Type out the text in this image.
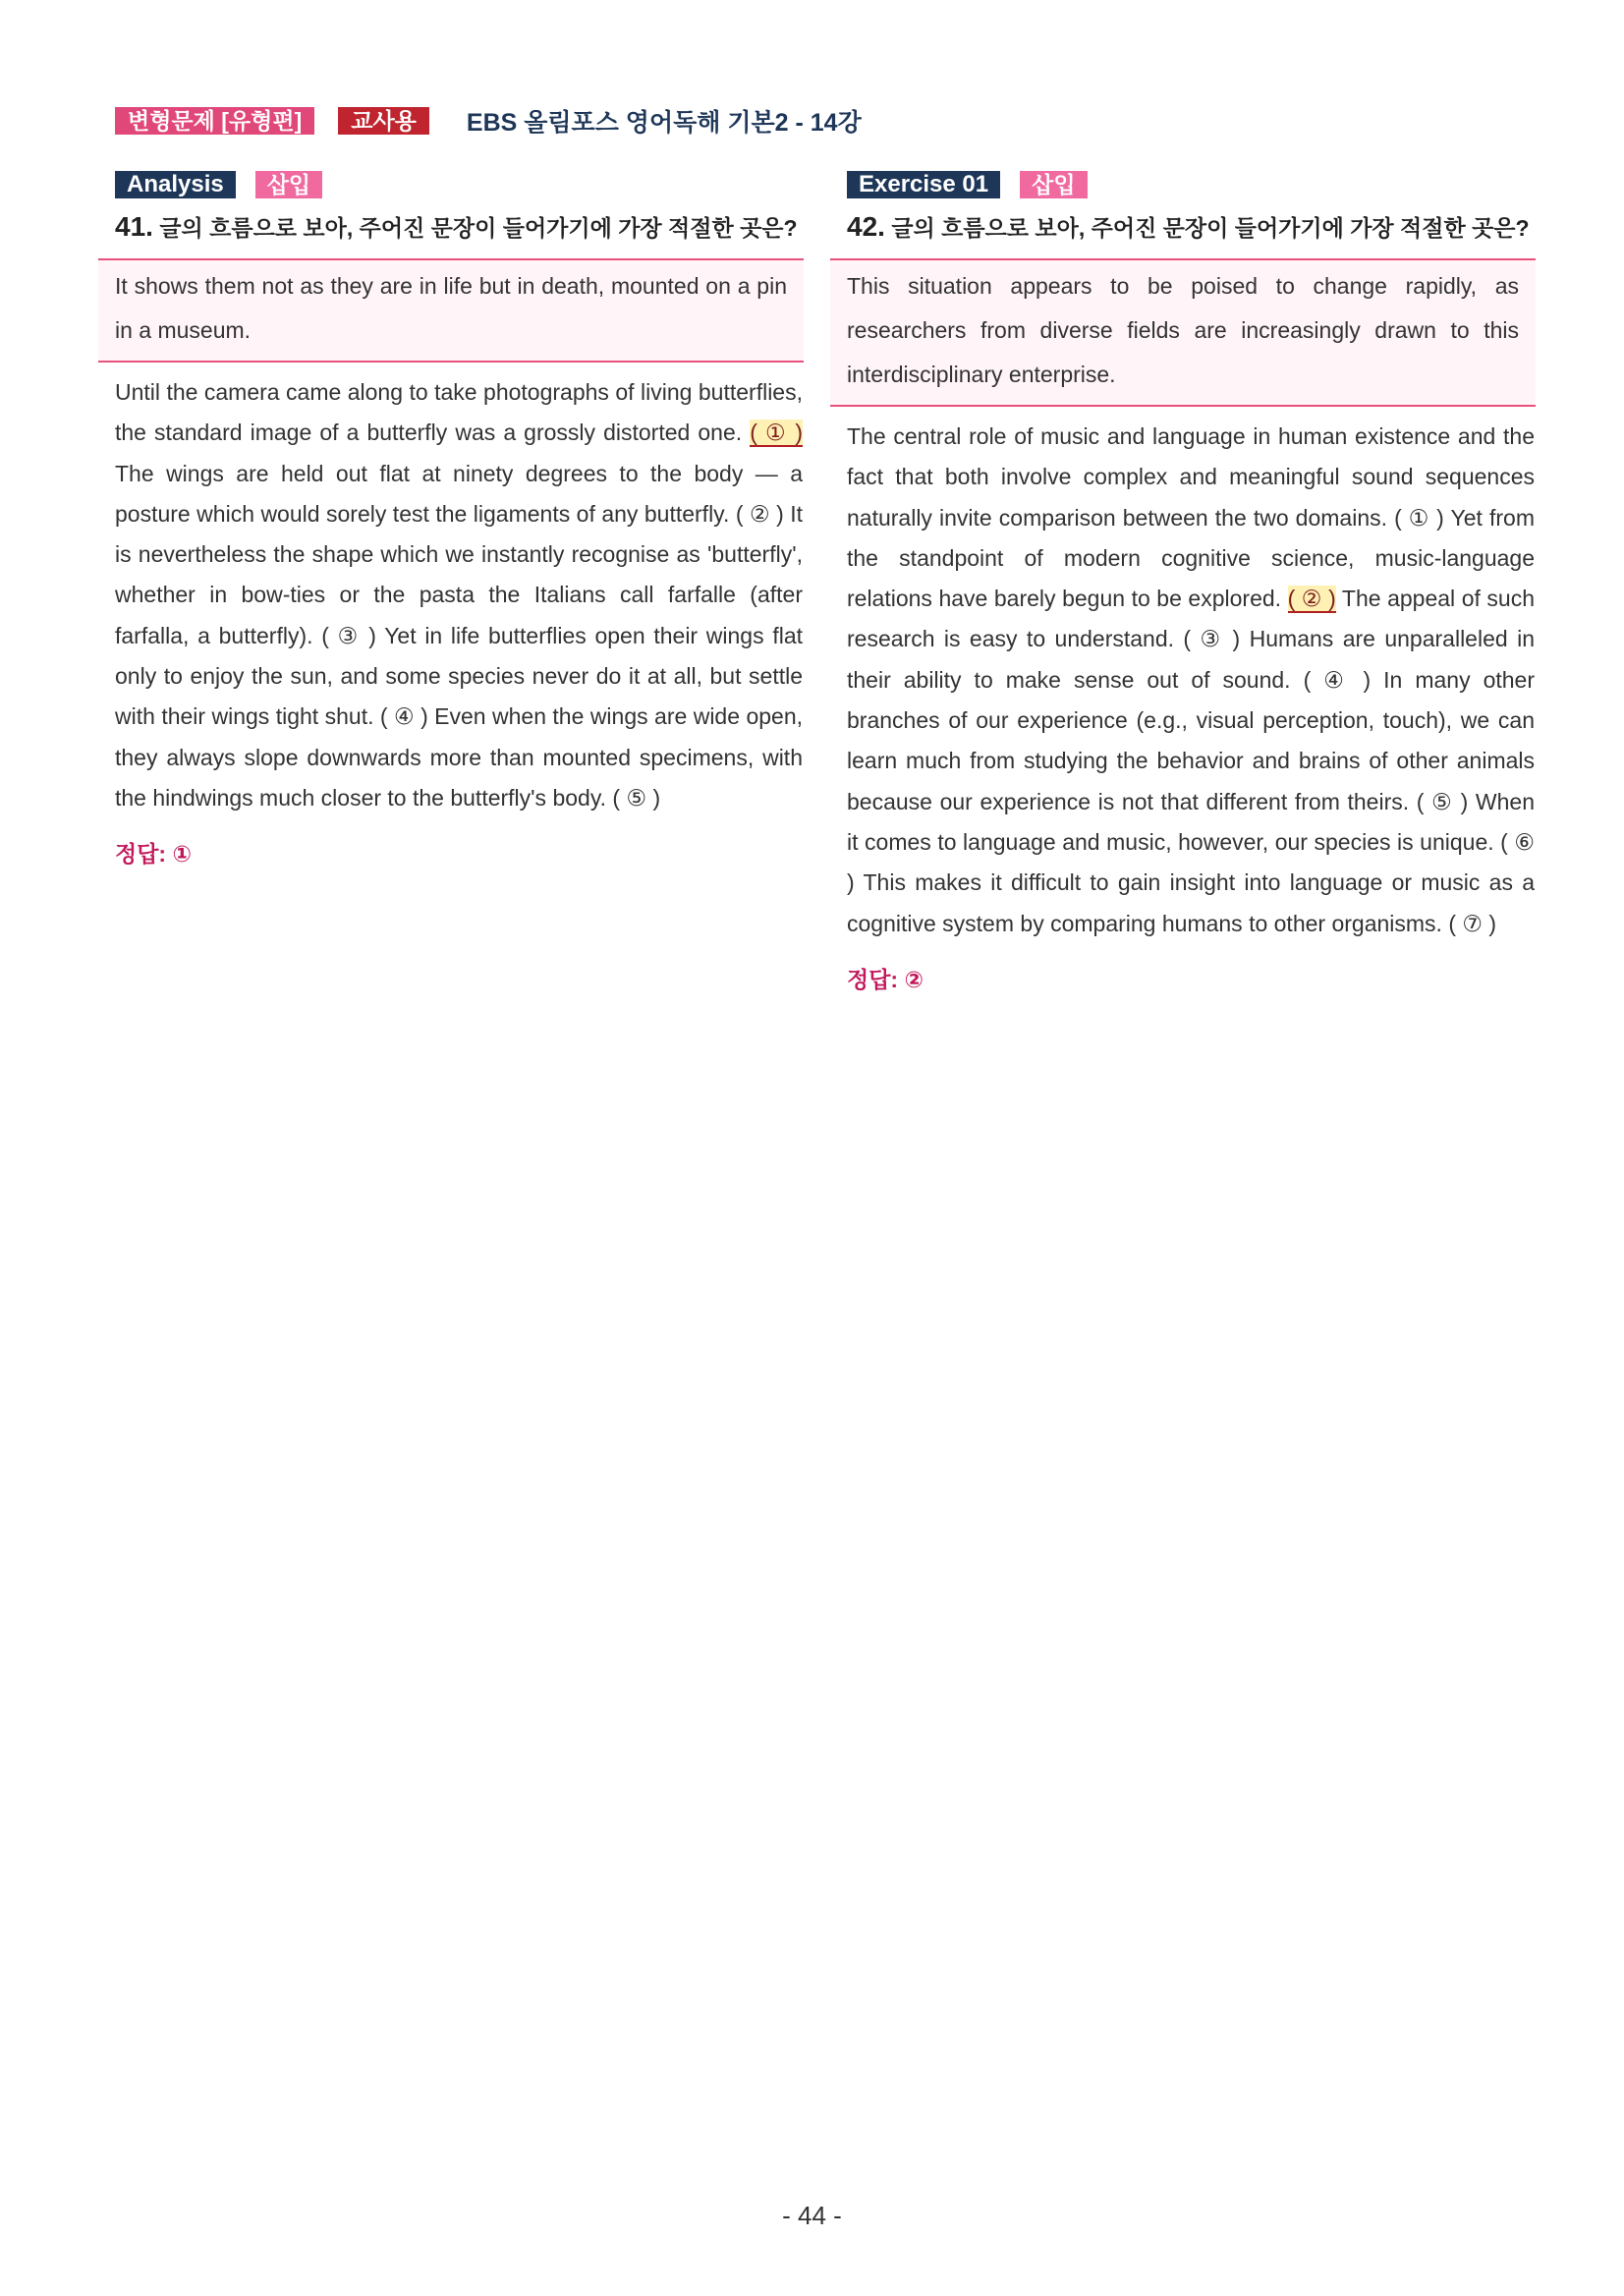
변형문제 [유형편]	교사용	EBS 올림포스 영어독해 기본2 - 14강
Analysis	삽입
41. 글의 흐름으로 보아, 주어진 문장이 들어가기에 가장 적절한 곳은?
It shows them not as they are in life but in death, mounted on a pin in a museum.
Until the camera came along to take photographs of living butterflies, the standard image of a butterfly was a grossly distorted one. ( ① ) The wings are held out flat at ninety degrees to the body — a posture which would sorely test the ligaments of any butterfly. ( ② ) It is nevertheless the shape which we instantly recognise as 'butterfly', whether in bow-ties or the pasta the Italians call farfalle (after farfalla, a butterfly). ( ③ ) Yet in life butterflies open their wings flat only to enjoy the sun, and some species never do it at all, but settle with their wings tight shut. ( ④ ) Even when the wings are wide open, they always slope downwards more than mounted specimens, with the hindwings much closer to the butterfly's body. ( ⑤ )
정답: ①
Exercise 01	삽입
42. 글의 흐름으로 보아, 주어진 문장이 들어가기에 가장 적절한 곳은?
This situation appears to be poised to change rapidly, as researchers from diverse fields are increasingly drawn to this interdisciplinary enterprise.
The central role of music and language in human existence and the fact that both involve complex and meaningful sound sequences naturally invite comparison between the two domains. ( ① ) Yet from the standpoint of modern cognitive science, music-language relations have barely begun to be explored. ( ② ) The appeal of such research is easy to understand. ( ③ ) Humans are unparalleled in their ability to make sense out of sound. ( ④ ) In many other branches of our experience (e.g., visual perception, touch), we can learn much from studying the behavior and brains of other animals because our experience is not that different from theirs. ( ⑤ ) When it comes to language and music, however, our species is unique. ( ⑥ ) This makes it difficult to gain insight into language or music as a cognitive system by comparing humans to other organisms. ( ⑦ )
정답: ②
- 44 -
